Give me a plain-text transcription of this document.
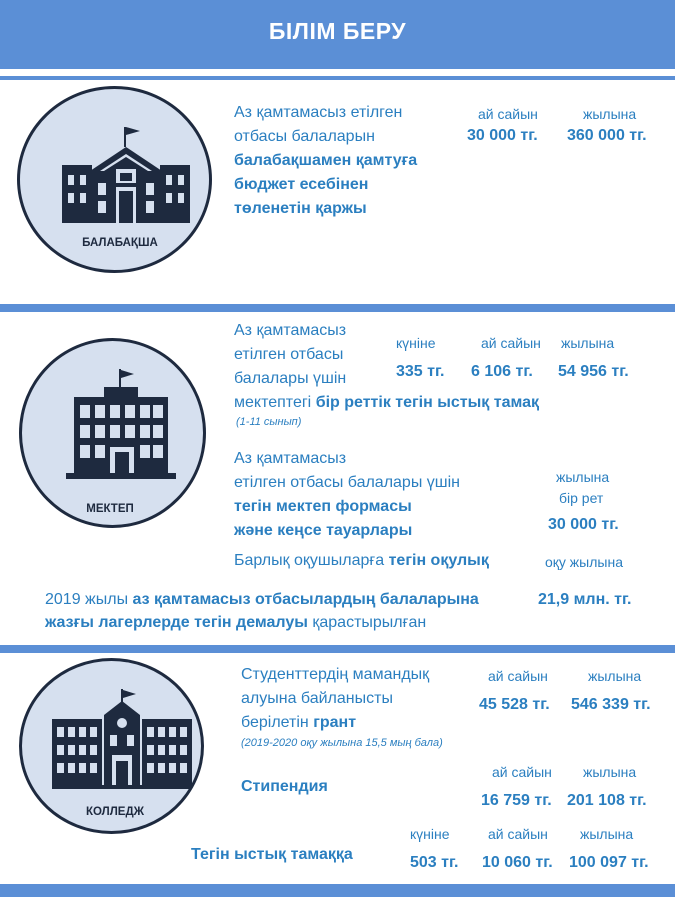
БІЛІМ БЕРУ
БАЛАБАҚША
Аз қамтамасыз етілген
отбасы балаларын
балабақшамен қамтуға
бюджет есебінен
төленетін қаржы
ай сайын	жылына
30 000 тг. 360 000 тг.
МЕКТЕП
Аз қамтамасыз
етілген отбасы
балалары үшін
мектептегі бір реттік тегін ыстық тамақ
(1-11 сынып)
күніне	ай сайын жылына
335 тг. 6 106 тг. 54 956 тг.
Аз қамтамасыз
етілген отбасы балалары үшін
тегін мектеп формасы
және кеңсе тауарлары
жылына
бір рет
30 000 тг.
Барлық оқушыларға тегін оқулық	оқу жылына
2019 жылы аз қамтамасыз отбасылардың балаларына	21,9 млн. тг.
жазғы лагерлерде тегін демалуы қарастырылған
КОЛЛЕДЖ
Студенттердің мамандық
алуына байланысты
берілетін грант
(2019-2020 оқу жылына 15,5 мың бала)
ай сайын	жылына
45 528 тг. 546 339 тг.
Стипендия
ай сайын жылына
16 759 тг. 201 108 тг.
Тегін ыстық тамаққа
күніне	ай сайын жылына
503 тг. 10 060 тг. 100 097 тг.
